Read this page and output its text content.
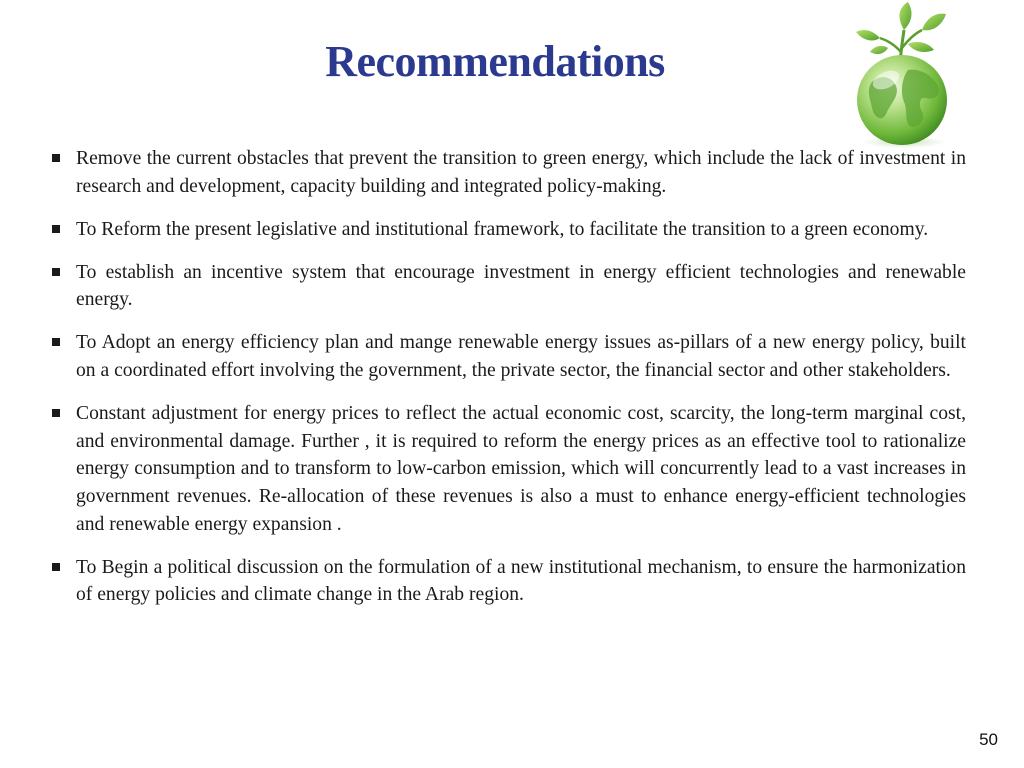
Recommendations
Remove the current obstacles that prevent the transition to green energy, which include the lack of investment in research and development, capacity building and integrated policy-making.
To Reform the present legislative and institutional framework, to facilitate the transition to a green economy.
To establish an incentive system that encourage investment in energy efficient technologies and renewable energy.
To Adopt an energy efficiency plan and mange renewable energy issues as-pillars of a new energy policy, built on a coordinated effort involving the government, the private sector, the financial sector and other stakeholders.
Constant adjustment for energy prices to reflect the actual economic cost, scarcity, the long-term marginal cost, and environmental damage. Further , it is required to reform the energy prices as an effective tool to rationalize energy consumption and to transform to low-carbon emission, which will concurrently lead to a vast increases in government revenues. Re-allocation of these revenues is also a must to enhance energy-efficient technologies and renewable energy expansion .
To Begin a political discussion on the formulation of a new institutional mechanism, to ensure the harmonization of energy policies and climate change in the Arab region.
50
